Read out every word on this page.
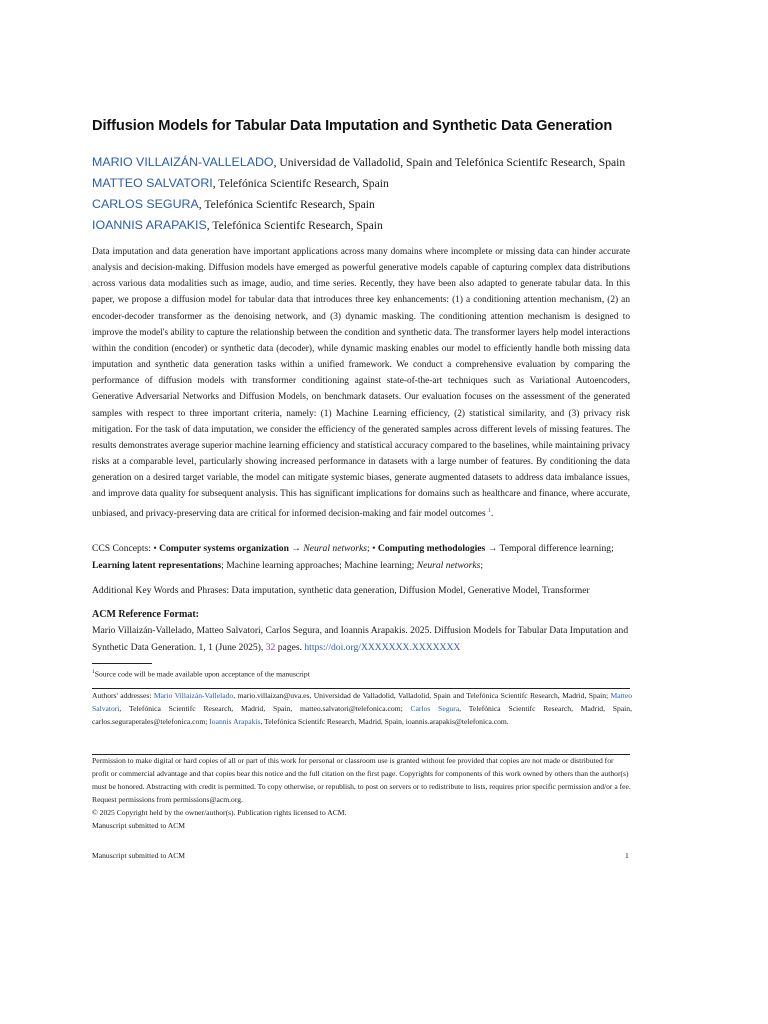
Diffusion Models for Tabular Data Imputation and Synthetic Data Generation
MARIO VILLAIZÁN-VALLELADO, Universidad de Valladolid, Spain and Telefónica Scientifc Research, Spain
MATTEO SALVATORI, Telefónica Scientifc Research, Spain
CARLOS SEGURA, Telefónica Scientifc Research, Spain
IOANNIS ARAPAKIS, Telefónica Scientifc Research, Spain

Data imputation and data generation have important applications across many domains where incomplete or missing data can hinder accurate analysis and decision-making. Diffusion models have emerged as powerful generative models capable of capturing complex data distributions across various data modalities such as image, audio, and time series. Recently, they have been also adapted to generate tabular data. In this paper, we propose a diffusion model for tabular data that introduces three key enhancements: (1) a conditioning attention mechanism, (2) an encoder-decoder transformer as the denoising network, and (3) dynamic masking. The conditioning attention mechanism is designed to improve the model's ability to capture the relationship between the condition and synthetic data. The transformer layers help model interactions within the condition (encoder) or synthetic data (decoder), while dynamic masking enables our model to efficiently handle both missing data imputation and synthetic data generation tasks within a unified framework. We conduct a comprehensive evaluation by comparing the performance of diffusion models with transformer conditioning against state-of-the-art techniques such as Variational Autoencoders, Generative Adversarial Networks and Diffusion Models, on benchmark datasets. Our evaluation focuses on the assessment of the generated samples with respect to three important criteria, namely: (1) Machine Learning efficiency, (2) statistical similarity, and (3) privacy risk mitigation. For the task of data imputation, we consider the efficiency of the generated samples across different levels of missing features. The results demonstrates average superior machine learning efficiency and statistical accuracy compared to the baselines, while maintaining privacy risks at a comparable level, particularly showing increased performance in datasets with a large number of features. By conditioning the data generation on a desired target variable, the model can mitigate systemic biases, generate augmented datasets to address data imbalance issues, and improve data quality for subsequent analysis. This has significant implications for domains such as healthcare and finance, where accurate, unbiased, and privacy-preserving data are critical for informed decision-making and fair model outcomes $^1$.

CCS Concepts: • Computer systems organization → Neural networks; • Computing methodologies → Temporal difference learning; Learning latent representations; Machine learning approaches; Machine learning; Neural networks;
Additional Key Words and Phrases: Data imputation, synthetic data generation, Diffusion Model, Generative Model, Transformer
ACM Reference Format:
Mario Villaizán-Vallelado, Matteo Salvatori, Carlos Segura, and Ioannis Arapakis. 2025. Diffusion Models for Tabular Data Imputation and Synthetic Data Generation. 1, 1 (June 2025), 32 pages. https://doi.org/XXXXXXX.XXXXXXX
$^1$Source code will be made available upon acceptance of the manuscript

Authors' addresses: Mario Villaizán-Vallelado, mario.villaizan@uva.es, Universidad de Valladolid, Valladolid, Spain and Telefónica Scientifc Research, Madrid, Spain; Matteo Salvatori, Telefónica Scientifc Research, Madrid, Spain, matteo.salvatori@telefonica.com; Carlos Segura, Telefónica Scientifc Research, Madrid, Spain, carlos.seguraperales@telefonica.com; Ioannis Arapakis, Telefónica Scientifc Research, Madrid, Spain, ioannis.arapakis@telefonica.com.

Permission to make digital or hard copies of all or part of this work for personal or classroom use is granted without fee provided that copies are not made or distributed for profit or commercial advantage and that copies bear this notice and the full citation on the first page. Copyrights for components of this work owned by others than the author(s) must be honored. Abstracting with credit is permitted. To copy otherwise, or republish, to post on servers or to redistribute to lists, requires prior specific permission and/or a fee. Request permissions from permissions@acm.org.
© 2025 Copyright held by the owner/author(s). Publication rights licensed to ACM.
Manuscript submitted to ACM
Manuscript submitted to ACM	1
